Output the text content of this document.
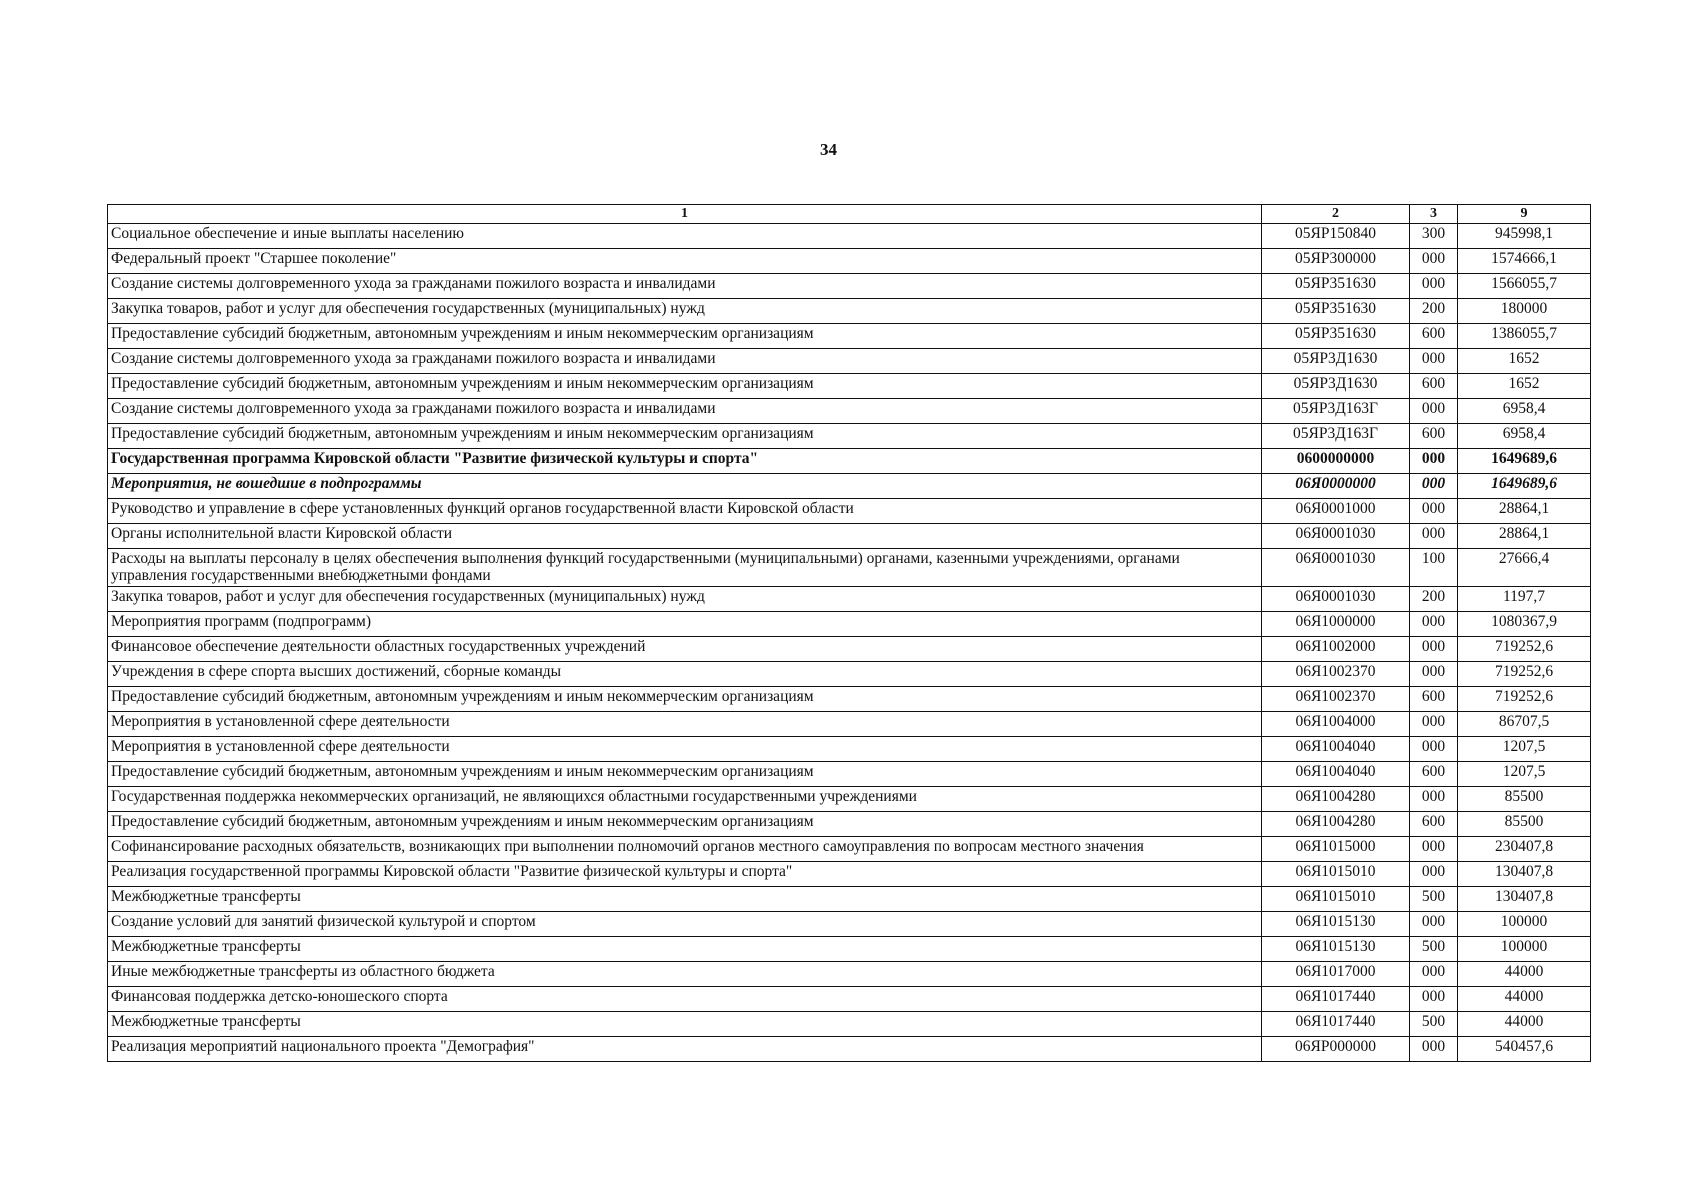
34
1	2	3	9
Социальное обеспечение и иные выплаты населению	05ЯР150840	300	945998,1
Федеральный проект "Старшее поколение"	05ЯР300000	000	1574666,1
Создание системы долговременного ухода за гражданами пожилого возраста и инвалидами	05ЯР351630	000	1566055,7
Закупка товаров, работ и услуг для обеспечения государственных (муниципальных) нужд	05ЯР351630	200	180000
Предоставление субсидий бюджетным, автономным учреждениям и иным некоммерческим организациям	05ЯР351630	600	1386055,7
Создание системы долговременного ухода за гражданами пожилого возраста и инвалидами	05ЯР3Д1630	000	1652
Предоставление субсидий бюджетным, автономным учреждениям и иным некоммерческим организациям	05ЯР3Д1630	600	1652
Создание системы долговременного ухода за гражданами пожилого возраста и инвалидами	05ЯР3Д163Г	000	6958,4
Предоставление субсидий бюджетным, автономным учреждениям и иным некоммерческим организациям	05ЯР3Д163Г	600	6958,4
Государственная программа Кировской области "Развитие физической культуры и спорта"	0600000000	000	1649689,6
Мероприятия, не вошедшие в подпрограммы	06Я0000000	000	1649689,6
Руководство и управление в сфере установленных функций органов государственной власти Кировской области	06Я0001000	000	28864,1
Органы исполнительной власти Кировской области	06Я0001030	000	28864,1
Расходы на выплаты персоналу в целях обеспечения выполнения функций государственными (муниципальными) органами, казенными учреждениями, органами управления государственными внебюджетными фондами	06Я0001030	100	27666,4
Закупка товаров, работ и услуг для обеспечения государственных (муниципальных) нужд	06Я0001030	200	1197,7
Мероприятия программ (подпрограмм)	06Я1000000	000	1080367,9
Финансовое обеспечение деятельности областных государственных учреждений	06Я1002000	000	719252,6
Учреждения в сфере спорта высших достижений, сборные команды	06Я1002370	000	719252,6
Предоставление субсидий бюджетным, автономным учреждениям и иным некоммерческим организациям	06Я1002370	600	719252,6
Мероприятия в установленной сфере деятельности	06Я1004000	000	86707,5
Мероприятия в установленной сфере деятельности	06Я1004040	000	1207,5
Предоставление субсидий бюджетным, автономным учреждениям и иным некоммерческим организациям	06Я1004040	600	1207,5
Государственная поддержка некоммерческих организаций, не являющихся областными государственными учреждениями	06Я1004280	000	85500
Предоставление субсидий бюджетным, автономным учреждениям и иным некоммерческим организациям	06Я1004280	600	85500
Софинансирование расходных обязательств, возникающих при выполнении полномочий органов местного самоуправления по вопросам местного значения	06Я1015000	000	230407,8
Реализация государственной программы Кировской области "Развитие физической культуры и спорта"	06Я1015010	000	130407,8
Межбюджетные трансферты	06Я1015010	500	130407,8
Создание условий для занятий физической культурой и спортом	06Я1015130	000	100000
Межбюджетные трансферты	06Я1015130	500	100000
Иные межбюджетные трансферты из областного бюджета	06Я1017000	000	44000
Финансовая поддержка детско-юношеского спорта	06Я1017440	000	44000
Межбюджетные трансферты	06Я1017440	500	44000
Реализация мероприятий национального проекта "Демография"	06ЯР000000	000	540457,6
